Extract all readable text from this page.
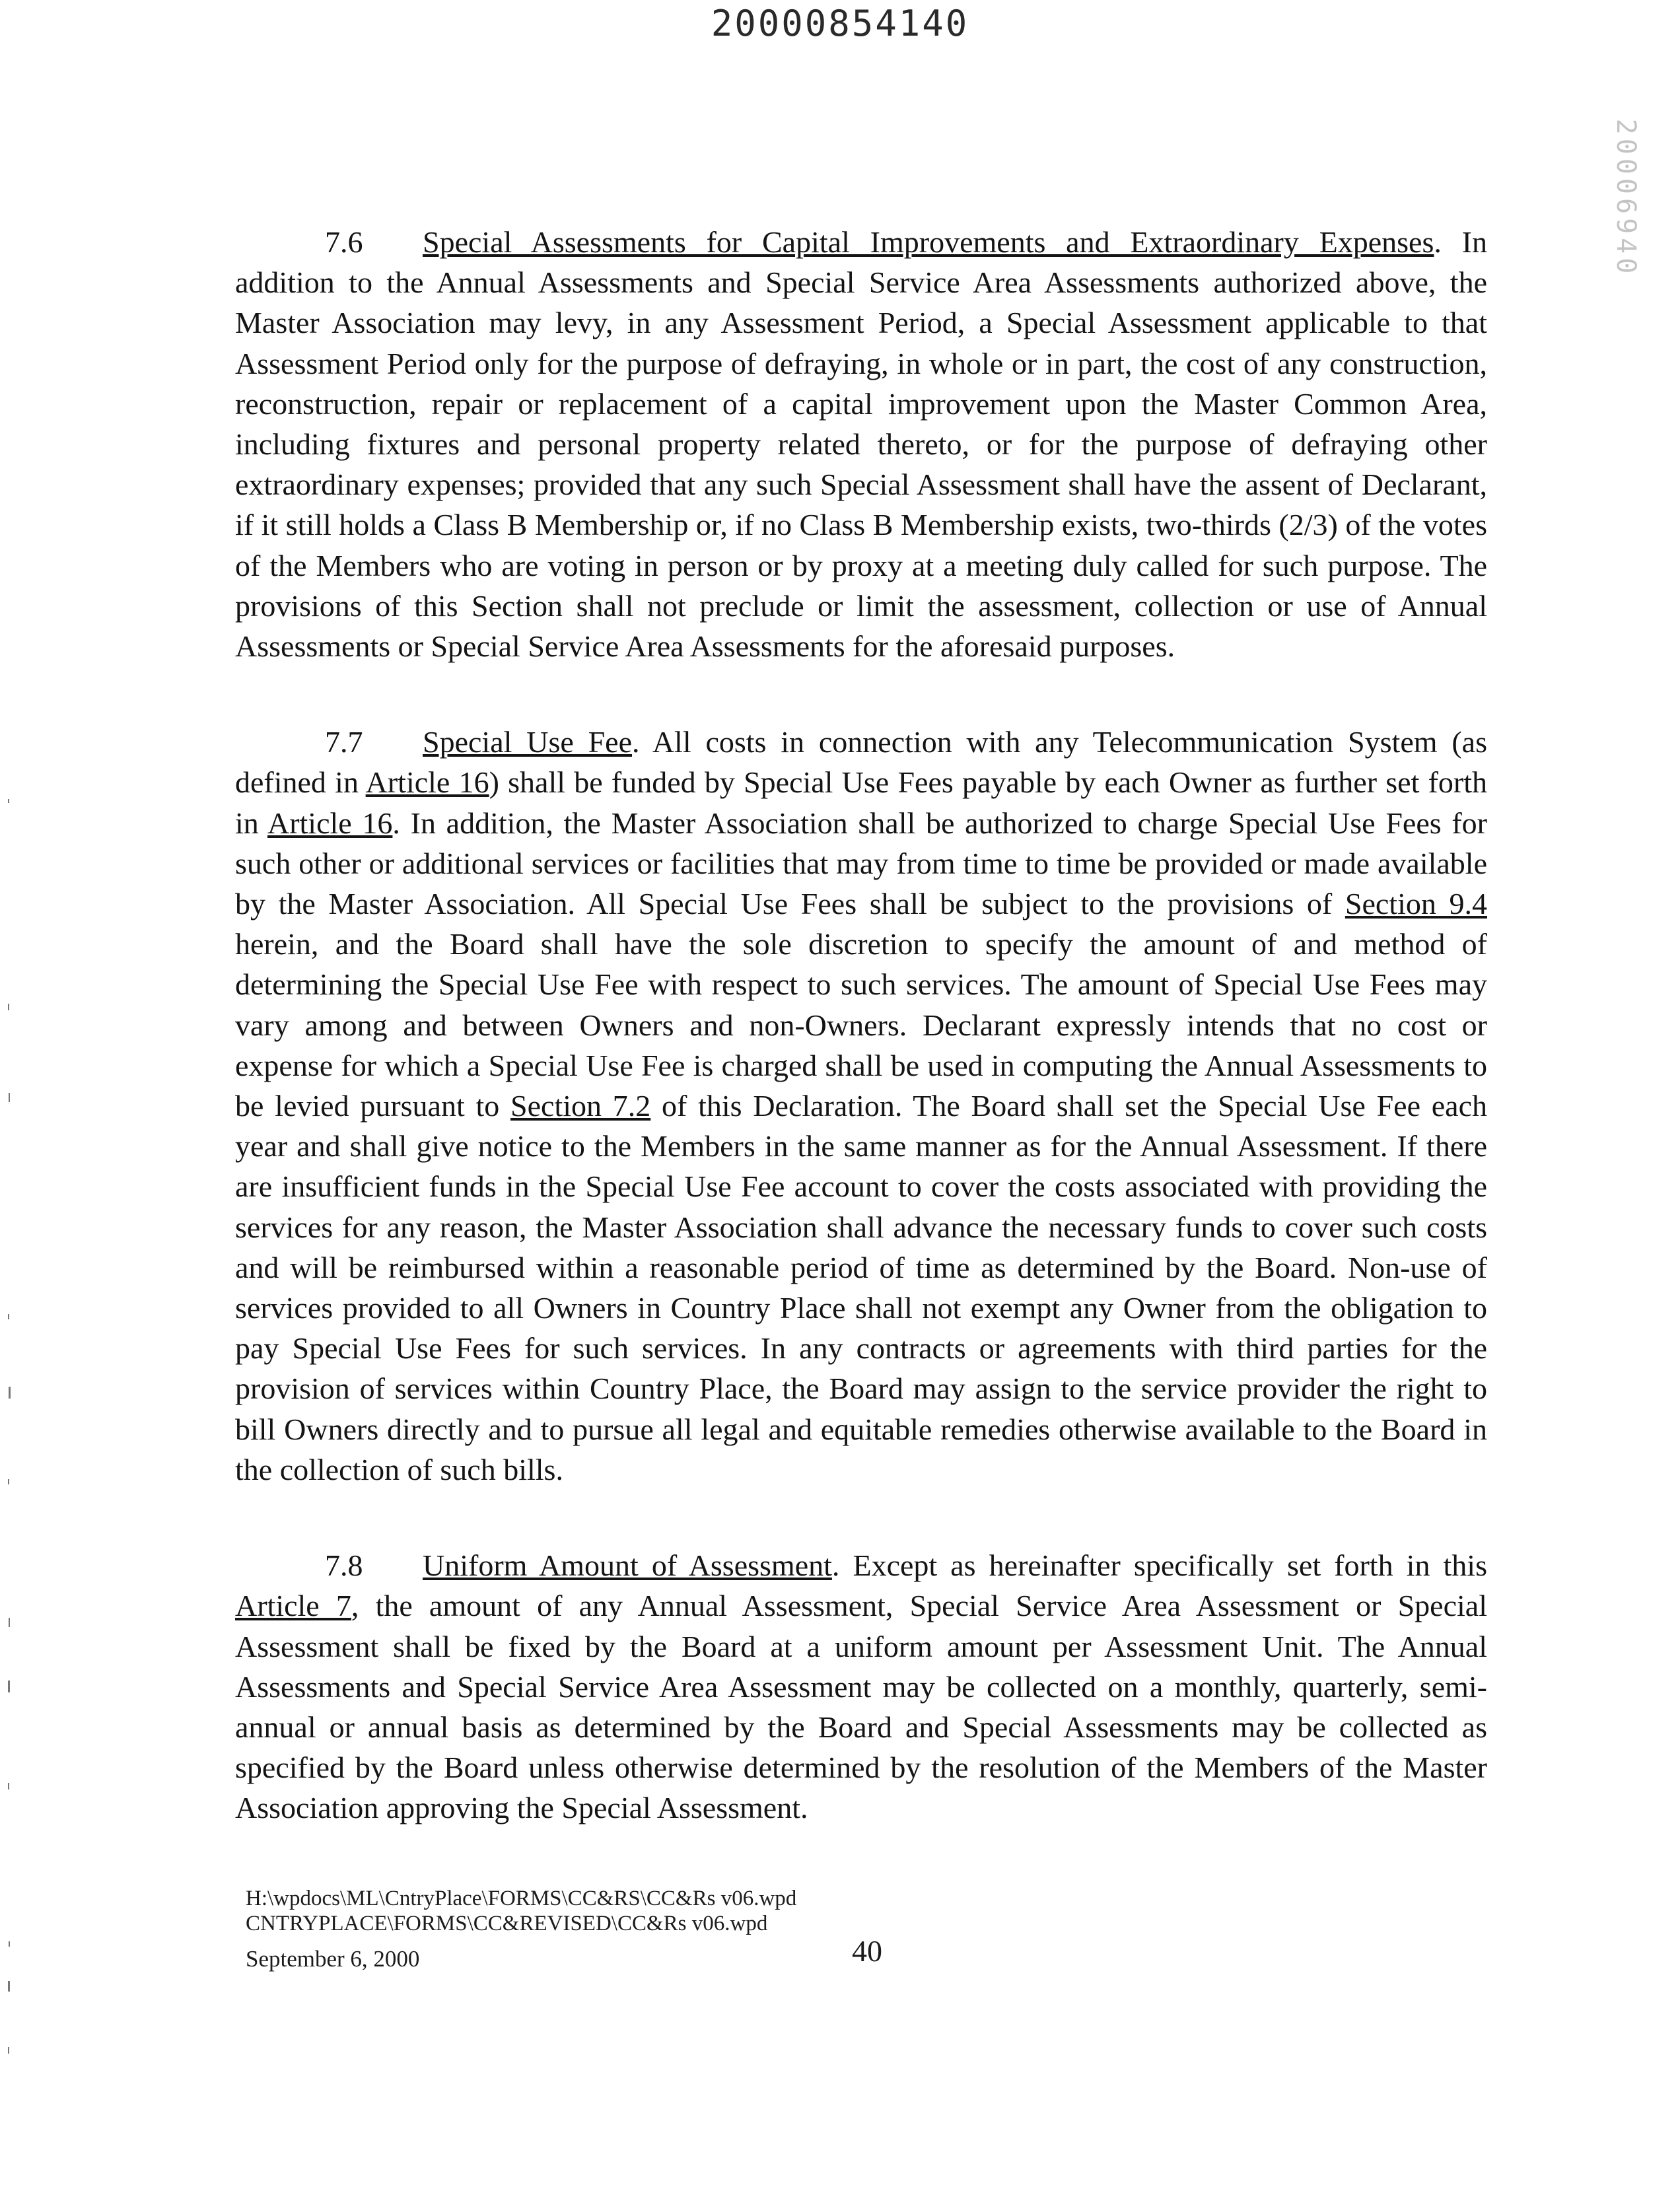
20000854140
20006940

7.6 Special Assessments for Capital Improvements and Extraordinary Expenses. In addition to the Annual Assessments and Special Service Area Assessments authorized above, the Master Association may levy, in any Assessment Period, a Special Assessment applicable to that Assessment Period only for the purpose of defraying, in whole or in part, the cost of any construction, reconstruction, repair or replacement of a capital improvement upon the Master Common Area, including fixtures and personal property related thereto, or for the purpose of defraying other extraordinary expenses; provided that any such Special Assessment shall have the assent of Declarant, if it still holds a Class B Membership or, if no Class B Membership exists, two-thirds (2/3) of the votes of the Members who are voting in person or by proxy at a meeting duly called for such purpose. The provisions of this Section shall not preclude or limit the assessment, collection or use of Annual Assessments or Special Service Area Assessments for the aforesaid purposes.

7.7 Special Use Fee. All costs in connection with any Telecommunication System (as defined in Article 16) shall be funded by Special Use Fees payable by each Owner as further set forth in Article 16. In addition, the Master Association shall be authorized to charge Special Use Fees for such other or additional services or facilities that may from time to time be provided or made available by the Master Association. All Special Use Fees shall be subject to the provisions of Section 9.4 herein, and the Board shall have the sole discretion to specify the amount of and method of determining the Special Use Fee with respect to such services. The amount of Special Use Fees may vary among and between Owners and non-Owners. Declarant expressly intends that no cost or expense for which a Special Use Fee is charged shall be used in computing the Annual Assessments to be levied pursuant to Section 7.2 of this Declaration. The Board shall set the Special Use Fee each year and shall give notice to the Members in the same manner as for the Annual Assessment. If there are insufficient funds in the Special Use Fee account to cover the costs associated with providing the services for any reason, the Master Association shall advance the necessary funds to cover such costs and will be reimbursed within a reasonable period of time as determined by the Board. Non-use of services provided to all Owners in Country Place shall not exempt any Owner from the obligation to pay Special Use Fees for such services. In any contracts or agreements with third parties for the provision of services within Country Place, the Board may assign to the service provider the right to bill Owners directly and to pursue all legal and equitable remedies otherwise available to the Board in the collection of such bills.

7.8 Uniform Amount of Assessment. Except as hereinafter specifically set forth in this Article 7, the amount of any Annual Assessment, Special Service Area Assessment or Special Assessment shall be fixed by the Board at a uniform amount per Assessment Unit. The Annual Assessments and Special Service Area Assessment may be collected on a monthly, quarterly, semi-annual or annual basis as determined by the Board and Special Assessments may be collected as specified by the Board unless otherwise determined by the resolution of the Members of the Master Association approving the Special Assessment.

H:\wpdocs\ML\CntryPlace\FORMS\CC&RS\CC&Rs v06.wpd
CNTRYPLACE\FORMS\CC&REVISED\CC&Rs v06.wpd
September 6, 2000	40
